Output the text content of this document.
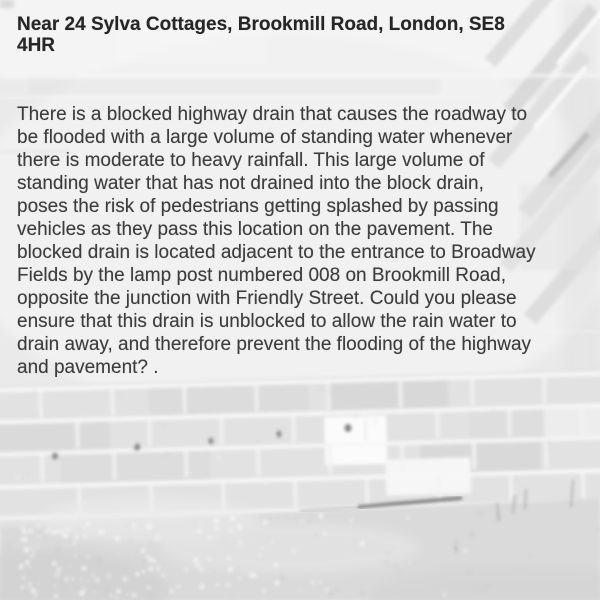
Near 24 Sylva Cottages, Brookmill Road, London, SE8
4HR
There is a blocked highway drain that causes the roadway to
be flooded with a large volume of standing water whenever
there is moderate to heavy rainfall. This large volume of
standing water that has not drained into the block drain,
poses the risk of pedestrians getting splashed by passing
vehicles as they pass this location on the pavement. The
blocked drain is located adjacent to the entrance to Broadway
Fields by the lamp post numbered 008 on Brookmill Road,
opposite the junction with Friendly Street. Could you please
ensure that this drain is unblocked to allow the rain water to
drain away, and therefore prevent the flooding of the highway
and pavement? .
